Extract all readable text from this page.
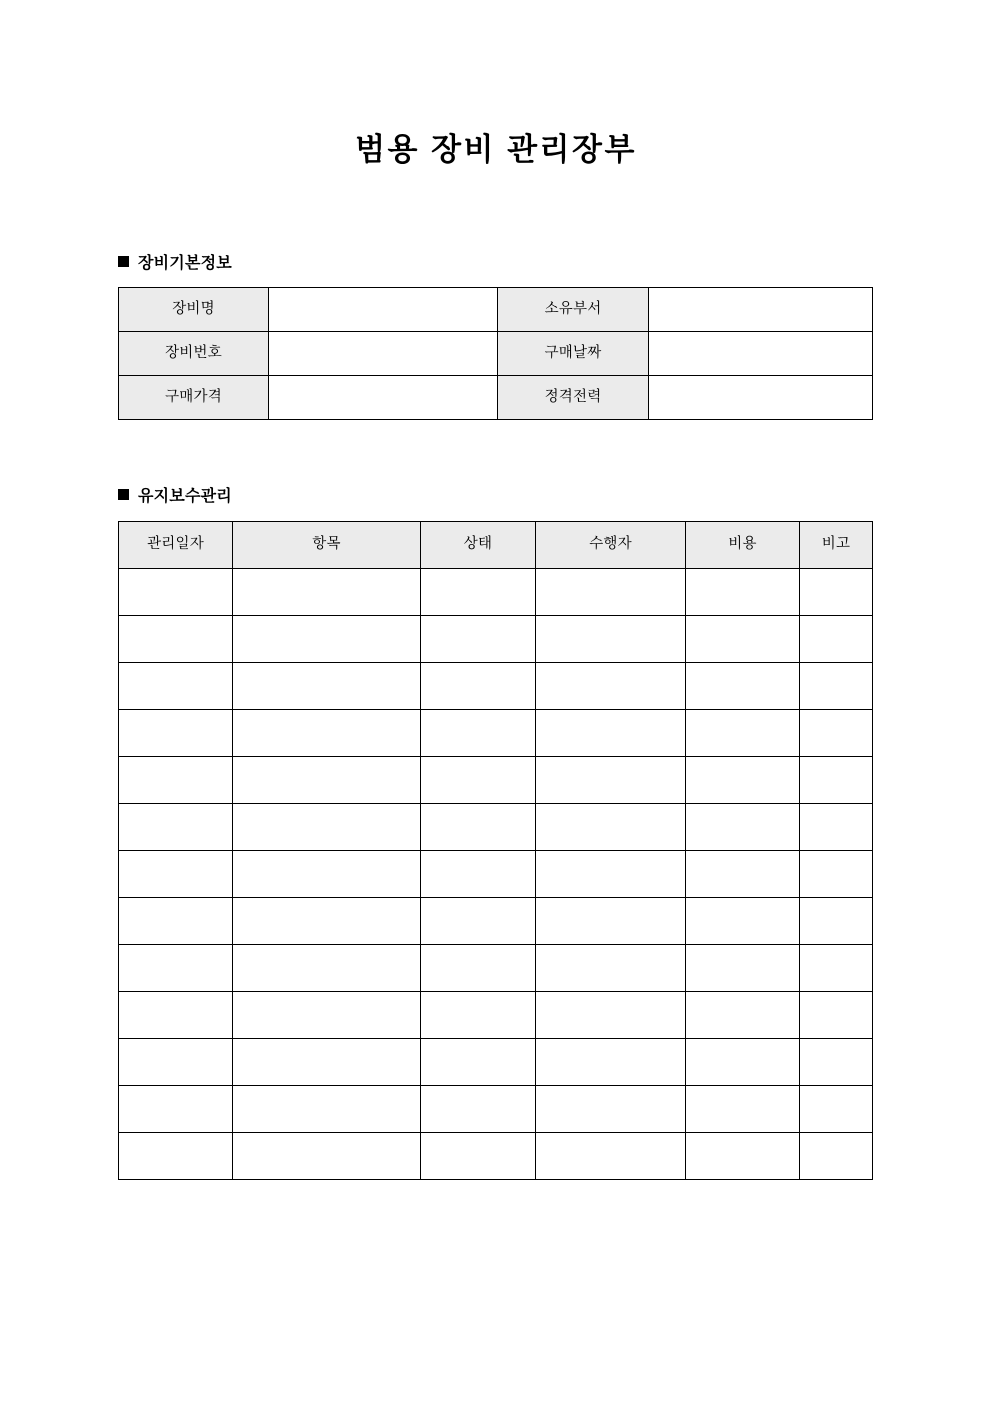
범용 장비 관리장부
장비기본정보
장비명		소유부서	
장비번호		구매날짜	
구매가격		정격전력	
유지보수관리
관리일자	항목	상태	수행자	비용	비고
